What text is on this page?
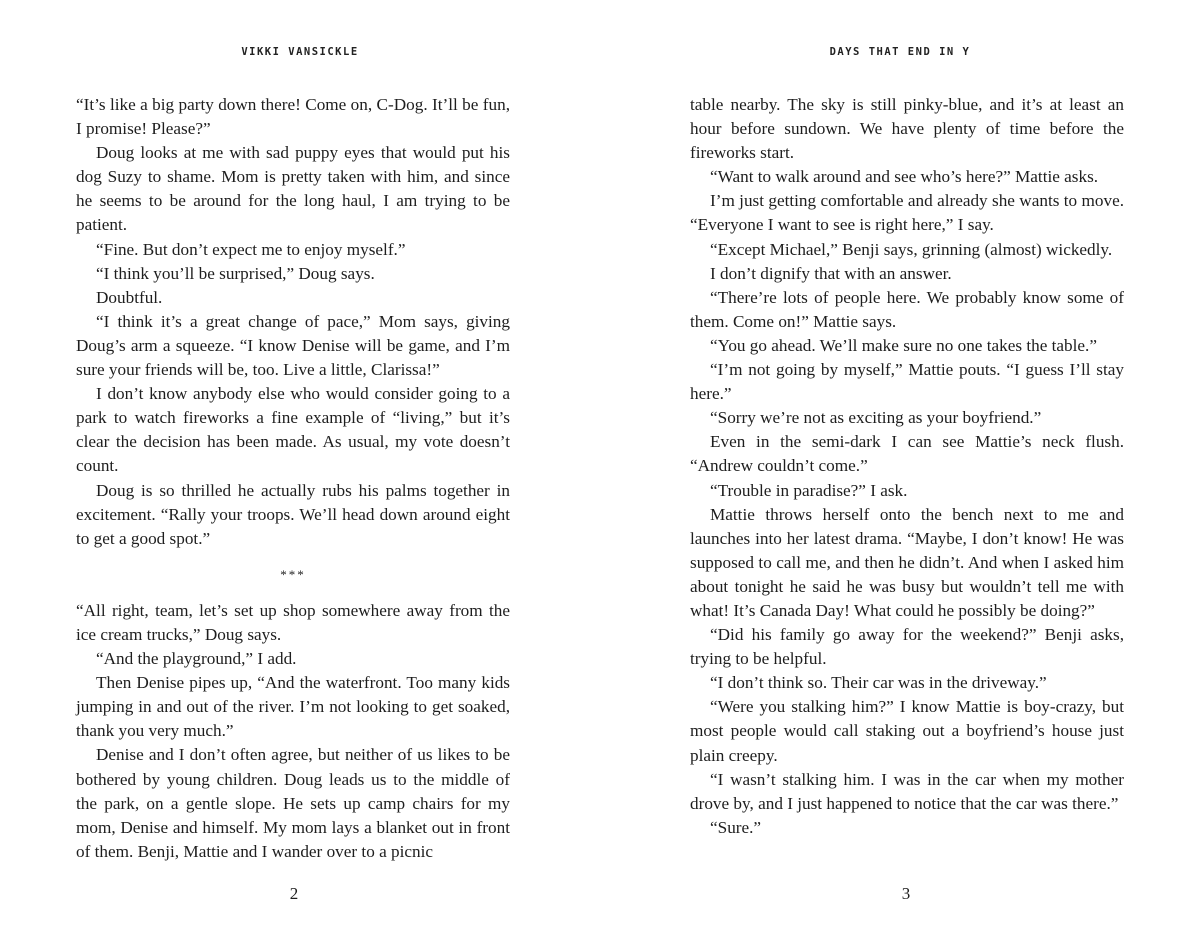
VIKKI VANSICKLE

“It’s like a big party down there! Come on, C-Dog. It’ll be fun, I promise! Please?”

Doug looks at me with sad puppy eyes that would put his dog Suzy to shame. Mom is pretty taken with him, and since he seems to be around for the long haul, I am trying to be patient.

“Fine. But don’t expect me to enjoy myself.”

“I think you’ll be surprised,” Doug says.

Doubtful.

“I think it’s a great change of pace,” Mom says, giving Doug’s arm a squeeze. “I know Denise will be game, and I’m sure your friends will be, too. Live a little, Clarissa!”

I don’t know anybody else who would consider going to a park to watch fireworks a fine example of “living,” but it’s clear the decision has been made. As usual, my vote doesn’t count.

Doug is so thrilled he actually rubs his palms together in excitement. “Rally your troops. We’ll head down around eight to get a good spot.”

***

“All right, team, let’s set up shop somewhere away from the ice cream trucks,” Doug says.

“And the playground,” I add.

Then Denise pipes up, “And the waterfront. Too many kids jumping in and out of the river. I’m not looking to get soaked, thank you very much.”

Denise and I don’t often agree, but neither of us likes to be bothered by young children. Doug leads us to the middle of the park, on a gentle slope. He sets up camp chairs for my mom, Denise and himself. My mom lays a blanket out in front of them. Benji, Mattie and I wander over to a picnic

2
DAYS THAT END IN Y

table nearby. The sky is still pinky-blue, and it’s at least an hour before sundown. We have plenty of time before the fireworks start.

“Want to walk around and see who’s here?” Mattie asks.

I’m just getting comfortable and already she wants to move. “Everyone I want to see is right here,” I say.

“Except Michael,” Benji says, grinning (almost) wickedly.

I don’t dignify that with an answer.

“There’re lots of people here. We probably know some of them. Come on!” Mattie says.

“You go ahead. We’ll make sure no one takes the table.”

“I’m not going by myself,” Mattie pouts. “I guess I’ll stay here.”

“Sorry we’re not as exciting as your boyfriend.”

Even in the semi-dark I can see Mattie’s neck flush. “Andrew couldn’t come.”

“Trouble in paradise?” I ask.

Mattie throws herself onto the bench next to me and launches into her latest drama. “Maybe, I don’t know! He was supposed to call me, and then he didn’t. And when I asked him about tonight he said he was busy but wouldn’t tell me with what! It’s Canada Day! What could he possibly be doing?”

“Did his family go away for the weekend?” Benji asks, trying to be helpful.

“I don’t think so. Their car was in the driveway.”

“Were you stalking him?” I know Mattie is boy-crazy, but most people would call staking out a boyfriend’s house just plain creepy.

“I wasn’t stalking him. I was in the car when my mother drove by, and I just happened to notice that the car was there.”

“Sure.”

3
